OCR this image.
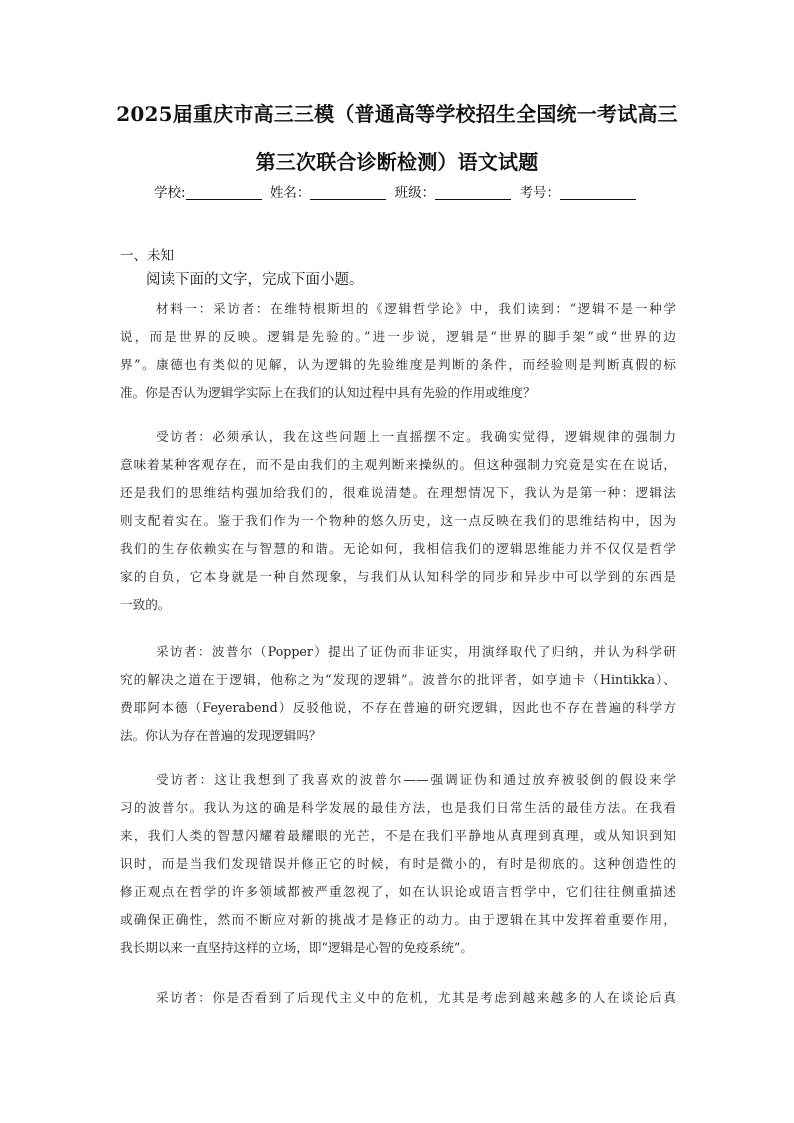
2025届重庆市高三三模（普通高等学校招生全国统一考试高三
第三次联合诊断检测）语文试题
学校:	姓名：	班级：	考号：
一、未知
阅读下面的文字，完成下面小题。
材料一：采访者：在维特根斯坦的《逻辑哲学论》中，我们读到：“逻辑不是一种学
说，而是世界的反映。逻辑是先验的。”进一步说，逻辑是“世界的脚手架”或“世界的边
界”。康德也有类似的见解，认为逻辑的先验维度是判断的条件，而经验则是判断真假的标
准。你是否认为逻辑学实际上在我们的认知过程中具有先验的作用或维度？
受访者：必须承认，我在这些问题上一直摇摆不定。我确实觉得，逻辑规律的强制力
意味着某种客观存在，而不是由我们的主观判断来操纵的。但这种强制力究竟是实在在说话，
还是我们的思维结构强加给我们的，很难说清楚。在理想情况下，我认为是第一种：逻辑法
则支配着实在。鉴于我们作为一个物种的悠久历史，这一点反映在我们的思维结构中，因为
我们的生存依赖实在与智慧的和谐。无论如何，我相信我们的逻辑思维能力并不仅仅是哲学
家的自负，它本身就是一种自然现象，与我们从认知科学的同步和异步中可以学到的东西是
一致的。
采访者：波普尔（Popper）提出了证伪而非证实，用演绎取代了归纳，并认为科学研
究的解决之道在于逻辑，他称之为“发现的逻辑”。波普尔的批评者，如亨迪卡（Hintikka）、
费耶阿本德（Feyerabend）反驳他说，不存在普遍的研究逻辑，因此也不存在普遍的科学方
法。你认为存在普遍的发现逻辑吗？
受访者：这让我想到了我喜欢的波普尔——强调证伪和通过放弃被驳倒的假设来学
习的波普尔。我认为这的确是科学发展的最佳方法，也是我们日常生活的最佳方法。在我看
来，我们人类的智慧闪耀着最耀眼的光芒，不是在我们平静地从真理到真理，或从知识到知
识时，而是当我们发现错误并修正它的时候，有时是微小的，有时是彻底的。这种创造性的
修正观点在哲学的许多领域都被严重忽视了，如在认识论或语言哲学中，它们往往侧重描述
或确保正确性，然而不断应对新的挑战才是修正的动力。由于逻辑在其中发挥着重要作用，
我长期以来一直坚持这样的立场，即“逻辑是心智的免疫系统”。
采访者：你是否看到了后现代主义中的危机，尤其是考虑到越来越多的人在谈论后真
